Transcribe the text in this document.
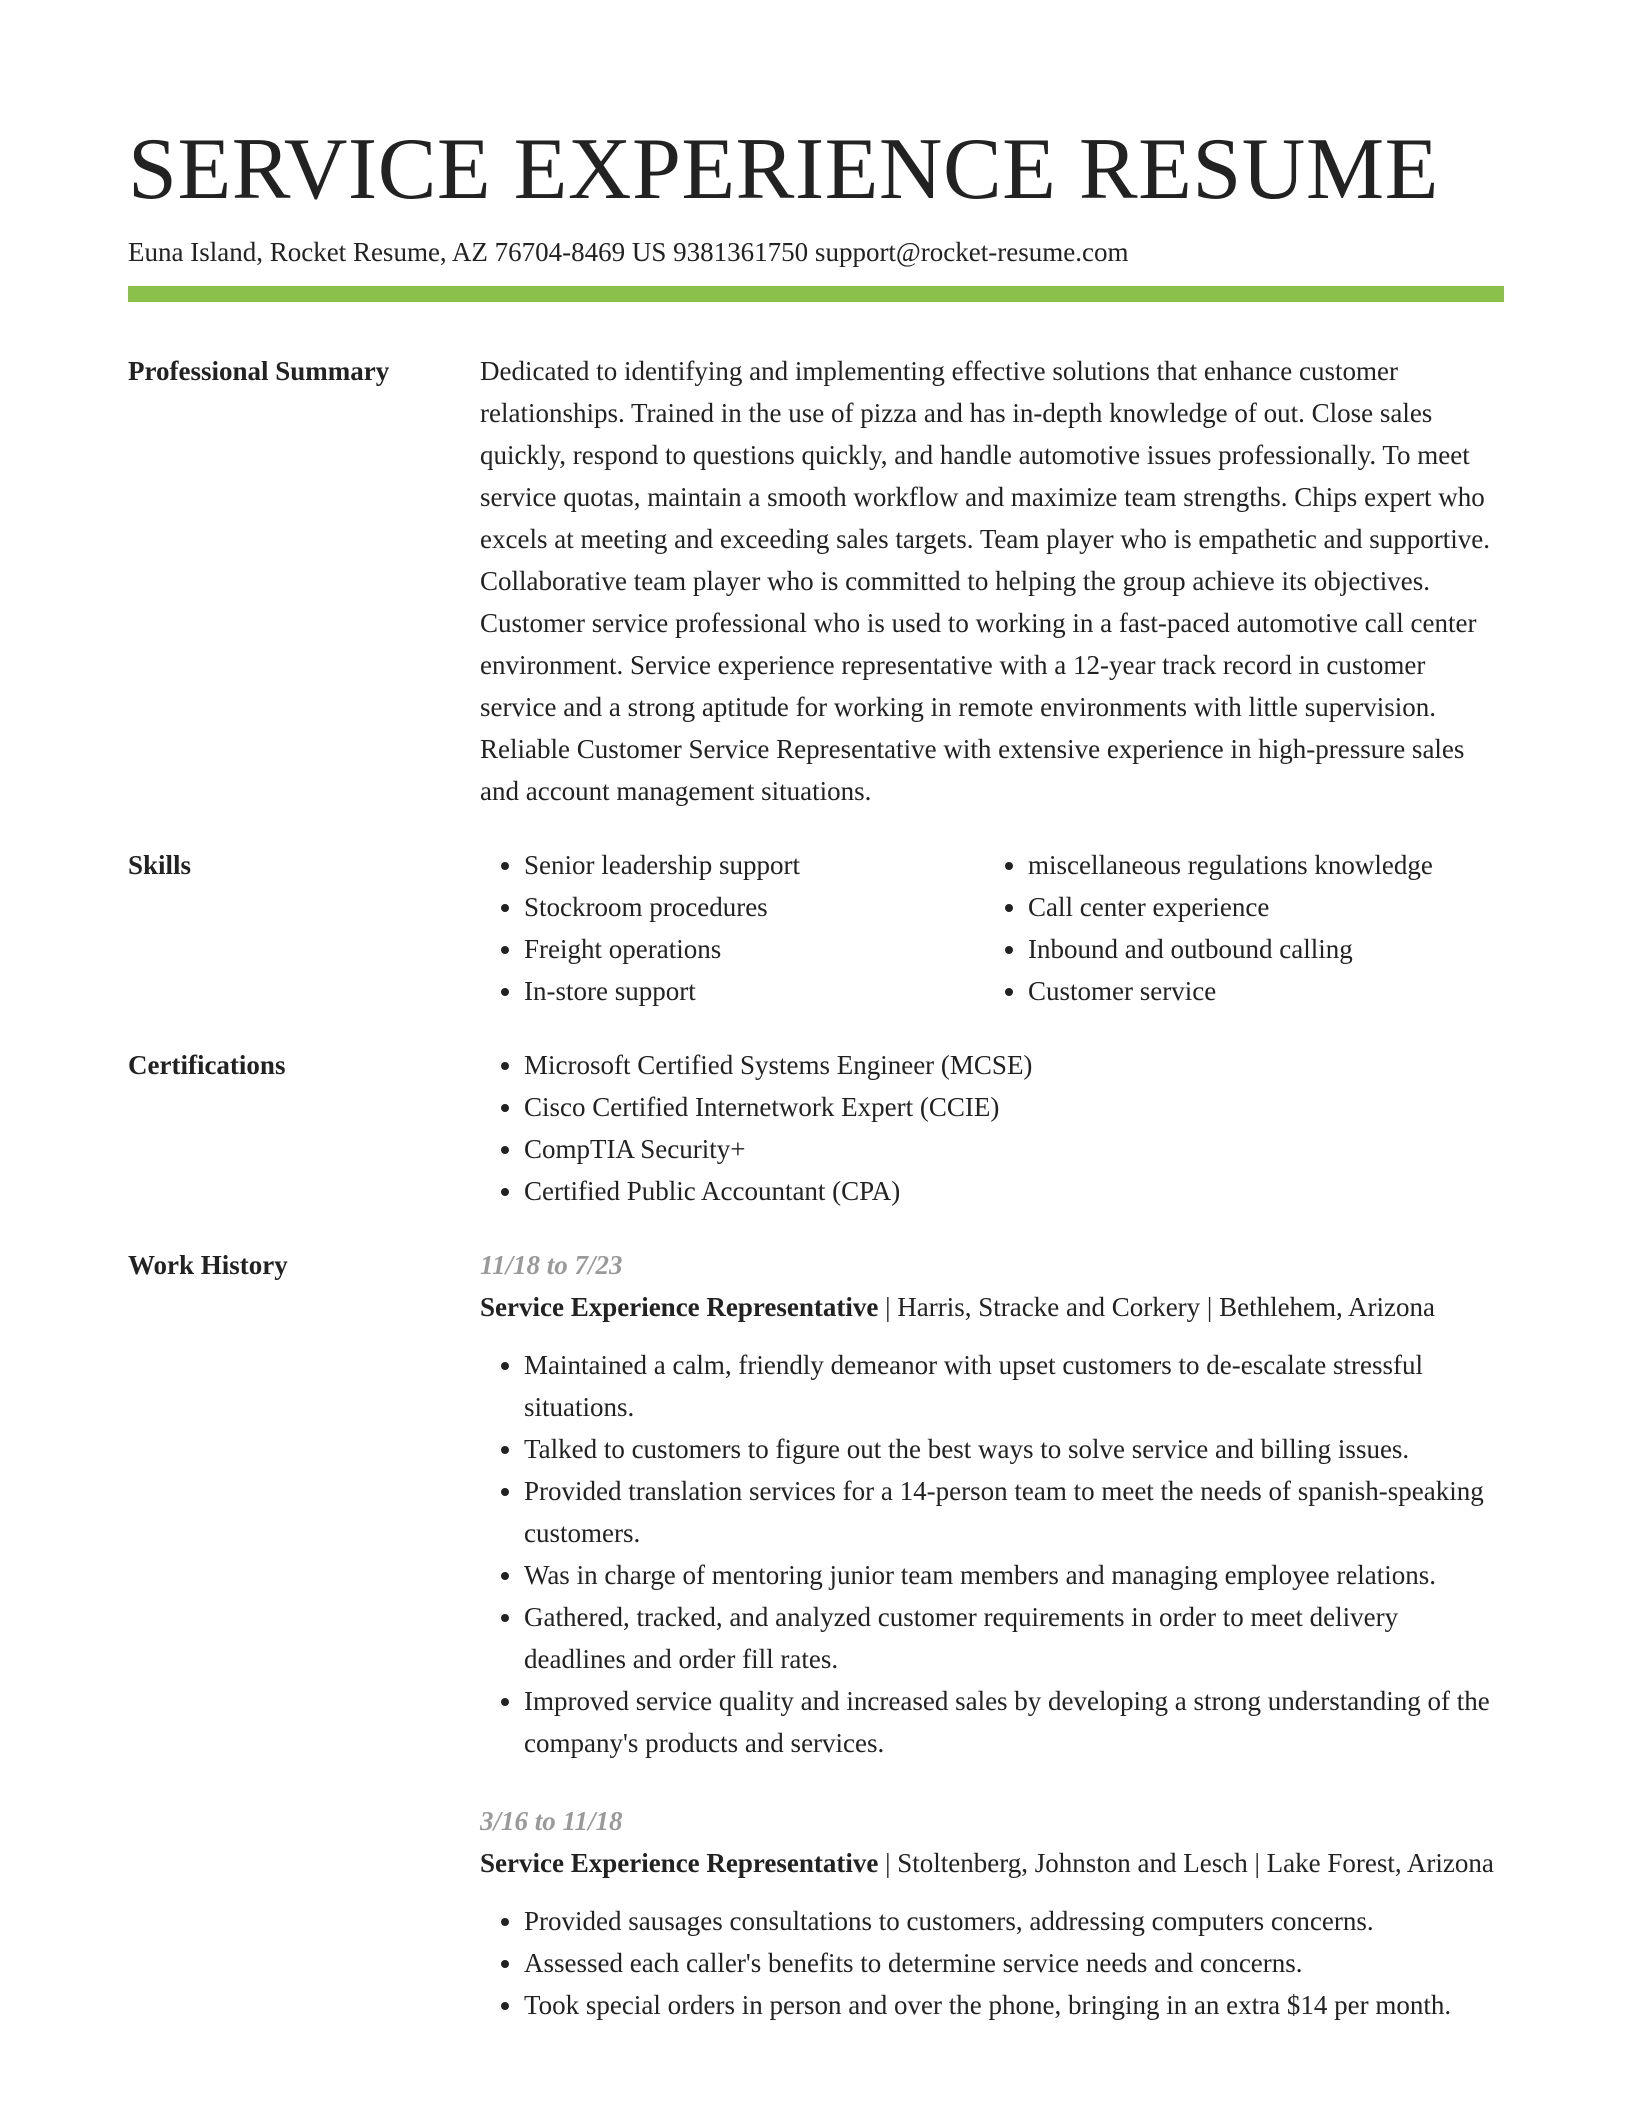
SERVICE EXPERIENCE RESUME
Euna Island, Rocket Resume, AZ 76704-8469 US 9381361750 support@rocket-resume.com
Professional Summary	Dedicated to identifying and implementing effective solutions that enhance customer relationships. Trained in the use of pizza and has in-depth knowledge of out. Close sales quickly, respond to questions quickly, and handle automotive issues professionally. To meet service quotas, maintain a smooth workflow and maximize team strengths. Chips expert who excels at meeting and exceeding sales targets. Team player who is empathetic and supportive. Collaborative team player who is committed to helping the group achieve its objectives. Customer service professional who is used to working in a fast-paced automotive call center environment. Service experience representative with a 12-year track record in customer service and a strong aptitude for working in remote environments with little supervision. Reliable Customer Service Representative with extensive experience in high-pressure sales and account management situations.
Skills	• Senior leadership support
• Stockroom procedures
• Freight operations
• In-store support
• miscellaneous regulations knowledge
• Call center experience
• Inbound and outbound calling
• Customer service
Certifications	• Microsoft Certified Systems Engineer (MCSE)
• Cisco Certified Internetwork Expert (CCIE)
• CompTIA Security+
• Certified Public Accountant (CPA)
Work History	11/18 to 7/23
Service Experience Representative | Harris, Stracke and Corkery | Bethlehem, Arizona
• Maintained a calm, friendly demeanor with upset customers to de-escalate stressful situations.
• Talked to customers to figure out the best ways to solve service and billing issues.
• Provided translation services for a 14-person team to meet the needs of spanish-speaking customers.
• Was in charge of mentoring junior team members and managing employee relations.
• Gathered, tracked, and analyzed customer requirements in order to meet delivery deadlines and order fill rates.
• Improved service quality and increased sales by developing a strong understanding of the company's products and services.
3/16 to 11/18
Service Experience Representative | Stoltenberg, Johnston and Lesch | Lake Forest, Arizona
• Provided sausages consultations to customers, addressing computers concerns.
• Assessed each caller's benefits to determine service needs and concerns.
• Took special orders in person and over the phone, bringing in an extra $14 per month.
